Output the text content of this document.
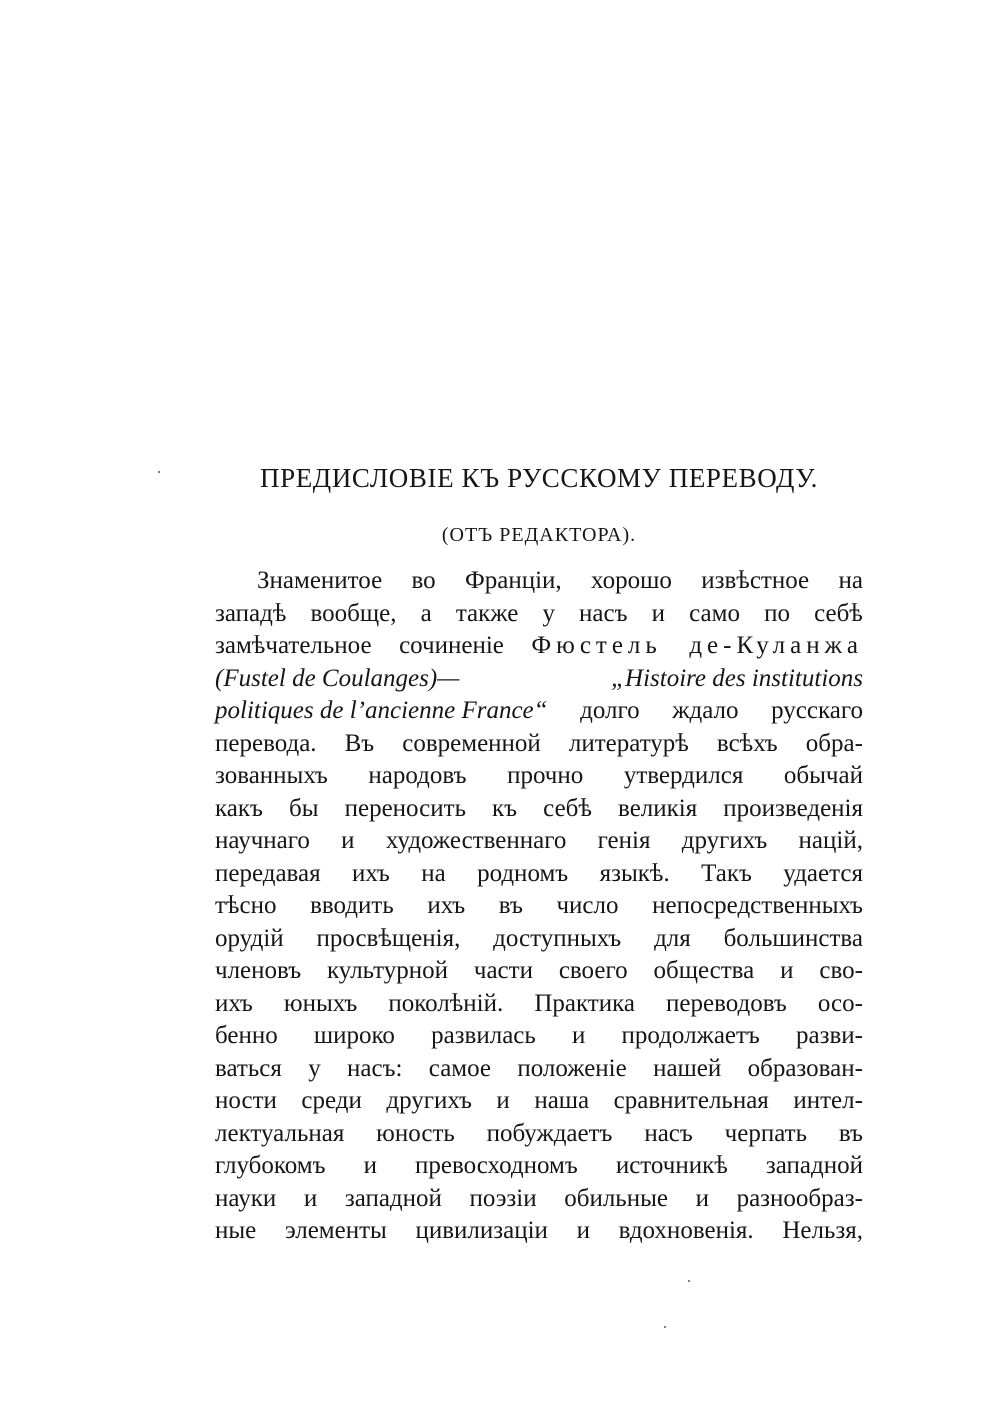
ПРЕДИСЛОВІЕ КЪ РУССКОМУ ПЕРЕВОДУ.
(ОТЪ РЕДАКТОРА).
Знаменитое во Франціи, хорошо извѣстное на
западѣ вообще, а также у насъ и само по себѣ
замѣчательное сочиненіе Фюстель де-Куланжа
(Fustel de Coulanges)—	„Histoire des institutions
politiques de l’ancienne France“ долго ждало русскаго
перевода. Въ современной литературѣ всѣхъ обра-
зованныхъ народовъ прочно утвердился обычай
какъ бы переносить къ себѣ великія произведенія
научнаго и художественнаго генія другихъ націй,
передавая ихъ на родномъ языкѣ. Такъ удается
тѣсно вводить ихъ въ число непосредственныхъ
орудій просвѣщенія, доступныхъ для большинства
членовъ культурной части своего общества и сво-
ихъ юныхъ поколѣній. Практика переводовъ осо-
бенно широко развилась и продолжаетъ разви-
ваться у насъ: самое положеніе нашей образован-
ности среди другихъ и наша сравнительная интел-
лектуальная юность побуждаетъ насъ черпать въ
глубокомъ и превосходномъ источникѣ западной
науки и западной поэзіи обильные и разнообраз-
ные элементы цивилизаціи и вдохновенія. Нельзя,
